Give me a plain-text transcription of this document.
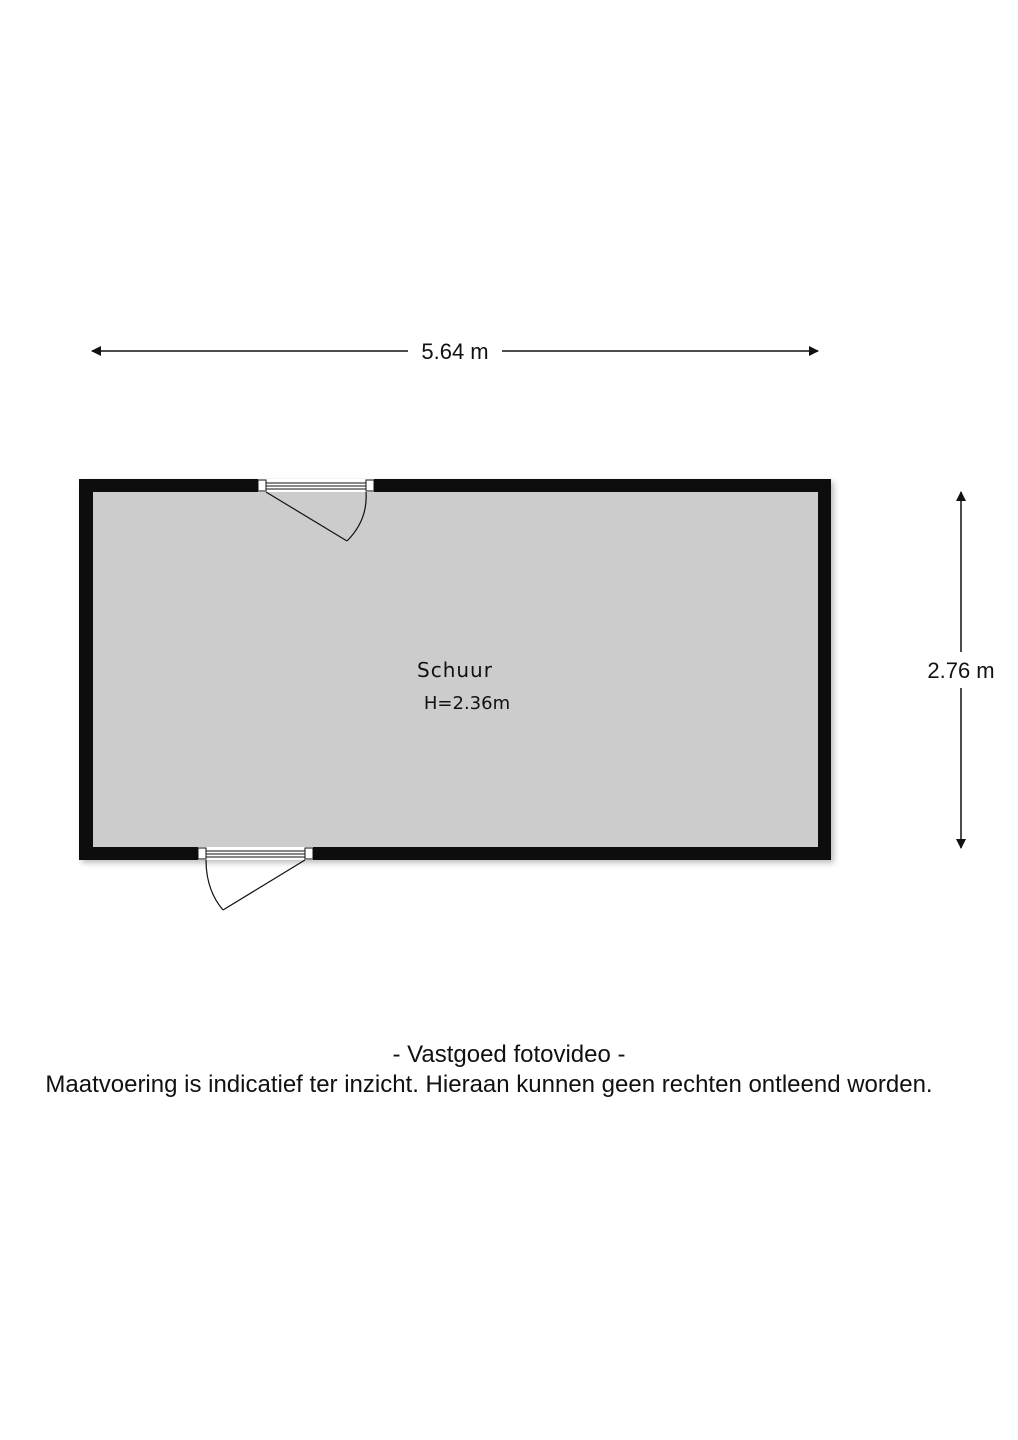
5.64 m
2.76 m
Schuur
H=2.36m
- Vastgoed fotovideo -
Maatvoering is indicatief ter inzicht. Hieraan kunnen geen rechten ontleend worden.
